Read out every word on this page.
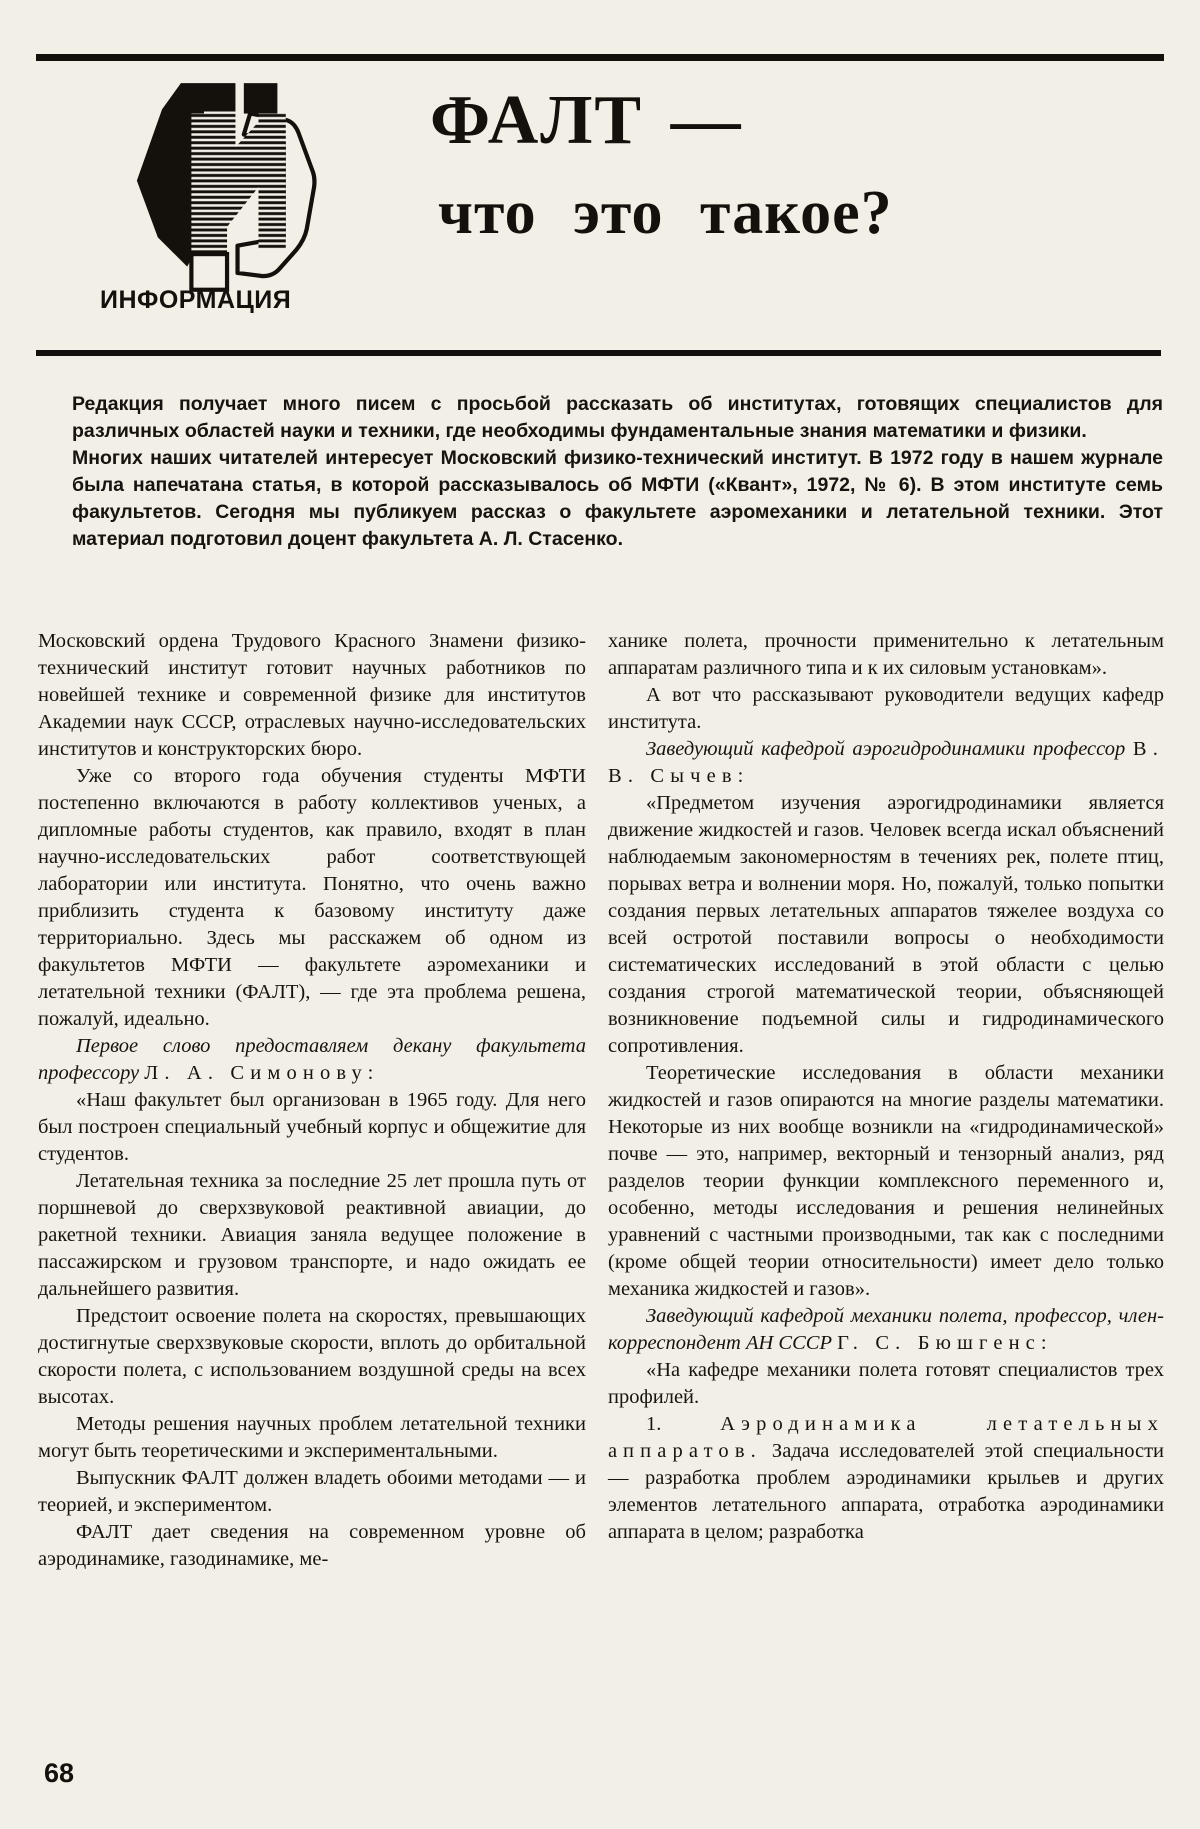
ИНФОРМАЦИЯ
ФАЛТ —
что это такое?

Редакция получает много писем с просьбой рассказать об институтах, готовящих специалистов для различных областей науки и техники, где необходимы фундаментальные знания математики и физики.

Многих наших читателей интересует Московский физико-технический институт. В 1972 году в нашем журнале была напечатана статья, в которой рассказывалось об МФТИ («Квант», 1972, № 6). В этом институте семь факультетов. Сегодня мы публикуем рассказ о факультете аэромеханики и летательной техники. Этот материал подготовил доцент факультета А. Л. Стасенко.

Московский ордена Трудового Красного Знамени физико-технический институт готовит научных работников по новейшей технике и современной физике для институтов Академии наук СССР, отраслевых научно-исследовательских институтов и конструкторских бюро.

Уже со второго года обучения студенты МФТИ постепенно включаются в работу коллективов ученых, а дипломные работы студентов, как правило, входят в план научно-исследовательских работ соответствующей лаборатории или института. Понятно, что очень важно приблизить студента к базовому институту даже территориально. Здесь мы расскажем об одном из факультетов МФТИ — факультете аэромеханики и летательной техники (ФАЛТ), — где эта проблема решена, пожалуй, идеально.

Первое слово предоставляем декану факультета профессору Л. А. Симонову:

«Наш факультет был организован в 1965 году. Для него был построен специальный учебный корпус и общежитие для студентов.

Летательная техника за последние 25 лет прошла путь от поршневой до сверхзвуковой реактивной авиации, до ракетной техники. Авиация заняла ведущее положение в пассажирском и грузовом транспорте, и надо ожидать ее дальнейшего развития.

Предстоит освоение полета на скоростях, превышающих достигнутые сверхзвуковые скорости, вплоть до орбитальной скорости полета, с использованием воздушной среды на всех высотах.

Методы решения научных проблем летательной техники могут быть теоретическими и экспериментальными.

Выпускник ФАЛТ должен владеть обоими методами — и теорией, и экспериментом.

ФАЛТ дает сведения на современном уровне об аэродинамике, газодинамике, ме-

ханике полета, прочности применительно к летательным аппаратам различного типа и к их силовым установкам».

А вот что рассказывают руководители ведущих кафедр института.

Заведующий кафедрой аэрогидродинамики профессор В. В. Сычев:

«Предметом изучения аэрогидродинамики является движение жидкостей и газов. Человек всегда искал объяснений наблюдаемым закономерностям в течениях рек, полете птиц, порывах ветра и волнении моря. Но, пожалуй, только попытки создания первых летательных аппаратов тяжелее воздуха со всей остротой поставили вопросы о необходимости систематических исследований в этой области с целью создания строгой математической теории, объясняющей возникновение подъемной силы и гидродинамического сопротивления.

Теоретические исследования в области механики жидкостей и газов опираются на многие разделы математики. Некоторые из них вообще возникли на «гидродинамической» почве — это, например, векторный и тензорный анализ, ряд разделов теории функции комплексного переменного и, особенно, методы исследования и решения нелинейных уравнений с частными производными, так как с последними (кроме общей теории относительности) имеет дело только механика жидкостей и газов».

Заведующий кафедрой механики полета, профессор, член-корреспондент АН СССР Г. С. Бюшгенс:

«На кафедре механики полета готовят специалистов трех профилей.

1.	Аэродинамика летательных аппаратов. Задача исследователей этой специальности — разработка проблем аэродинамики крыльев и других элементов летательного аппарата, отработка аэродинамики аппарата в целом; разработка

68
